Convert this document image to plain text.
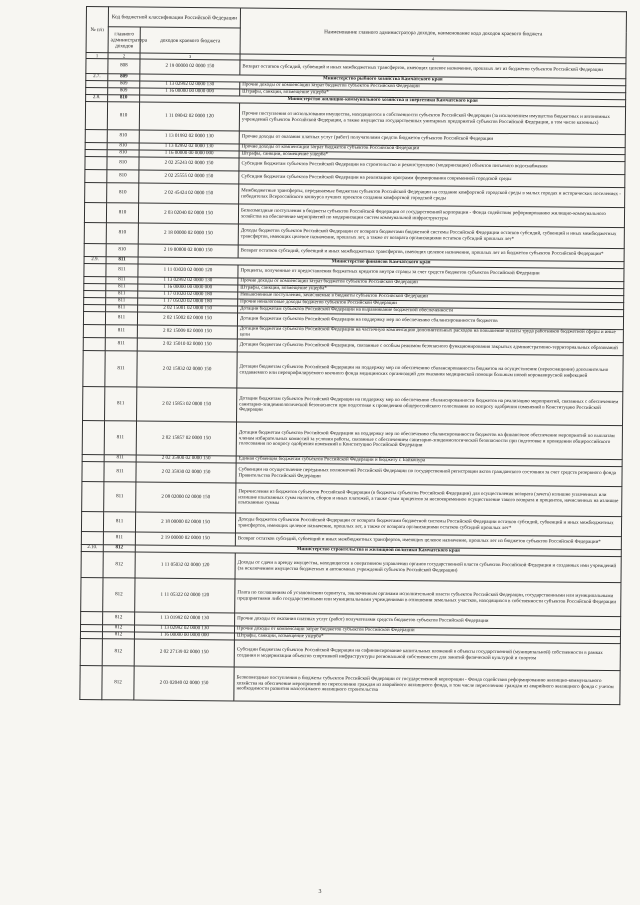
№ п/п	Код бюджетной классификации Российской Федерации		Наименование главного администратора доходов, наименование кода доходов краевого бюджета
	главного администратора доходов	доходов краевого бюджета	
1	2	3	4
	808	2 19 00000 02 0000 150	Возврат остатков субсидий, субвенций и иных межбюджетных трансфертов, имеющих целевое назначение, прошлых лет из бюджетов субъектов Российской Федерации
2.7.	809	Министерство рыбного хозяйства Камчатского края	
	809	1 13 02992 02 0000 130	Прочие доходы от компенсации затрат бюджетов субъектов Российской Федерации
	809	1 16 00000 00 0000 000	Штрафы, санкции, возмещение ущерба*
2.8.	810	Министерство жилищно-коммунального хозяйства и энергетики Камчатского края	
	810	1 11 09042 02 0000 120	Прочие поступления от использования имущества, находящегося в собственности субъектов Российской Федерации (за исключением имущества бюджетных и автономных учреждений субъектов Российской Федерации, а также имущества государственных унитарных предприятий субъектов Российской Федерации, в том числе казенных)
	810	1 13 01992 02 0000 130	Прочие доходы от оказания платных услуг (работ) получателями средств бюджетов субъектов Российской Федерации
	810	1 13 02992 02 0000 130	Прочие доходы от компенсации затрат бюджетов субъектов Российской Федерации
	810	1 16 00000 00 0000 000	Штрафы, санкции, возмещение ущерба*
	810	2 02 25243 02 0000 150	Субсидии бюджетам субъектов Российской Федерации на строительство и реконструкцию (модернизацию) объектов питьевого водоснабжения
	810	2 02 25555 02 0000 150	Субсидии бюджетам субъектов Российской Федерации на реализацию программ формирования современной городской среды
	810	2 02 45424 02 0000 150	Межбюджетные трансферты, передаваемые бюджетам субъектов Российской Федерации на создание комфортной городской среды в малых городах и исторических поселениях - победителях Всероссийского конкурса лучших проектов создания комфортной городской среды
	810	2 03 02040 02 0000 150	Безвозмездные поступления в бюджеты субъектов Российской Федерации от государственной корпорации - Фонда содействия реформированию жилищно-коммунального хозяйства на обеспечение мероприятий по модернизации систем коммунальной инфраструктуры
	810	2 18 00000 02 0000 150	Доходы бюджетов субъектов Российской Федерации от возврата бюджетами бюджетной системы Российской Федерации остатков субсидий, субвенций и иных межбюджетных трансфертов, имеющих целевое назначение, прошлых лет, а также от возврата организациями остатков субсидий прошлых лет*
	810	2 19 00000 02 0000 150	Возврат остатков субсидий, субвенций и иных межбюджетных трансфертов, имеющих целевое назначение, прошлых лет из бюджетов субъектов Российской Федерации*
2.9.	811	Министерство финансов Камчатского края	
	811	1 11 03020 02 0000 120	Проценты, полученные от предоставления бюджетных кредитов внутри страны за счет средств бюджетов субъектов Российской Федерации
	811	1 13 02992 02 0000 130	Прочие доходы от компенсации затрат бюджетов субъектов Российской Федерации
	811	1 16 00000 00 0000 000	Штрафы, санкции, возмещение ущерба*
	811	1 17 01020 02 0000 180	Невыясненные поступления, зачисляемые в бюджеты субъектов Российской Федерации
	811	1 17 05020 02 0000 180	Прочие неналоговые доходы бюджетов субъектов Российской Федерации
	811	2 02 15001 02 0000 150	Дотации бюджетам субъектов Российской Федерации на выравнивание бюджетной обеспеченности
	811	2 02 15002 02 0000 150	Дотации бюджетам субъектов Российской Федерации на поддержку мер по обеспечению сбалансированности бюджетов
	811	2 02 15009 02 0000 150	Дотации бюджетам субъектов Российской Федерации на частичную компенсацию дополнительных расходов на повышение оплаты труда работников бюджетной сферы и иные цели
	811	2 02 15010 02 0000 150	Дотации бюджетам субъектов Российской Федерации, связанные с особым режимом безопасного функционирования закрытых административно-территориальных образований
	811	2 02 15832 02 0000 150	Дотации бюджетам субъектов Российской Федерации на поддержку мер по обеспечению сбалансированности бюджетов на осуществление (переоснащение) дополнительно создаваемого или перепрофилируемого коечного фонда медицинских организаций для оказания медицинской помощи больным новой коронавирусной инфекцией
	811	2 02 15853 02 0000 150	Дотации бюджетам субъектов Российской Федерации на поддержку мер по обеспечению сбалансированности бюджетов на реализацию мероприятий, связанных с обеспечением санитарно-эпидемиологической безопасности при подготовке к проведению общероссийского голосования по вопросу одобрения изменений в Конституцию Российской Федерации
	811	2 02 15857 02 0000 150	Дотации бюджетам субъектов Российской Федерации на поддержку мер по обеспечению сбалансированности бюджетов на финансовое обеспечение мероприятий по выплатам членам избирательных комиссий за условия работы, связанные с обеспечением санитарно-эпидемиологической безопасности при подготовке и проведении общероссийского голосования по вопросу одобрения изменений в Конституцию Российской Федерации
	811	2 02 35900 02 0000 150	Единая субвенция бюджетам субъектов Российской Федерации и бюджету г. Байконура
	811	2 02 35930 02 0000 150	Субвенции на осуществление переданных полномочий Российской Федерации по государственной регистрации актов гражданского состояния за счет средств резервного фонда Правительства Российской Федерации
	811	2 08 02000 02 0000 150	Перечисления из бюджетов субъектов Российской Федерации (в бюджеты субъектов Российской Федерации) для осуществления возврата (зачета) излишне уплаченных или излишне взысканных сумм налогов, сборов и иных платежей, а также сумм процентов за несвоевременное осуществление такого возврата и процентов, начисленных на излишне взысканные суммы
	811	2 18 00000 02 0000 150	Доходы бюджетов субъектов Российской Федерации от возврата бюджетами бюджетной системы Российской Федерации остатков субсидий, субвенций и иных межбюджетных трансфертов, имеющих целевое назначение, прошлых лет, а также от возврата организациями остатков субсидий прошлых лет*
	811	2 19 00000 02 0000 150	Возврат остатков субсидий, субвенций и иных межбюджетных трансфертов, имеющих целевое назначение, прошлых лет из бюджетов субъектов Российской Федерации*
2.10.	812	Министерство строительства и жилищной политики Камчатского края	
	812	1 11 05032 02 0000 120	Доходы от сдачи в аренду имущества, находящегося в оперативном управлении органов государственной власти субъектов Российской Федерации и созданных ими учреждений (за исключением имущества бюджетных и автономных учреждений субъектов Российской Федерации)
	812	1 11 05322 02 0000 120	Плата по соглашениям об установлении сервитута, заключенным органами исполнительной власти субъектов Российской Федерации, государственными или муниципальными предприятиями либо государственными или муниципальными учреждениями в отношении земельных участков, находящихся в собственности субъектов Российской Федерации
	812	1 13 01992 02 0000 130	Прочие доходы от оказания платных услуг (работ) получателями средств бюджетов субъектов Российской Федерации
	812	1 13 02992 02 0000 130	Прочие доходы от компенсации затрат бюджетов субъектов Российской Федерации
	812	1 16 00000 00 0000 000	Штрафы, санкции, возмещение ущерба*
	812	2 02 27139 02 0000 150	Субсидии бюджетам субъектов Российской Федерации на софинансирование капитальных вложений в объекты государственной (муниципальной) собственности в рамках создания и модернизации объектов спортивной инфраструктуры региональной собственности для занятий физической культурой и спортом
	812	2 03 02040 02 0000 150	Безвозмездные поступления в бюджеты субъектов Российской Федерации от государственной корпорации - Фонда содействия реформированию жилищно-коммунального хозяйства на обеспечение мероприятий по переселению граждан из аварийного жилищного фонда, в том числе переселению граждан из аварийного жилищного фонда с учетом необходимости развития малоэтажного жилищного строительства
3
